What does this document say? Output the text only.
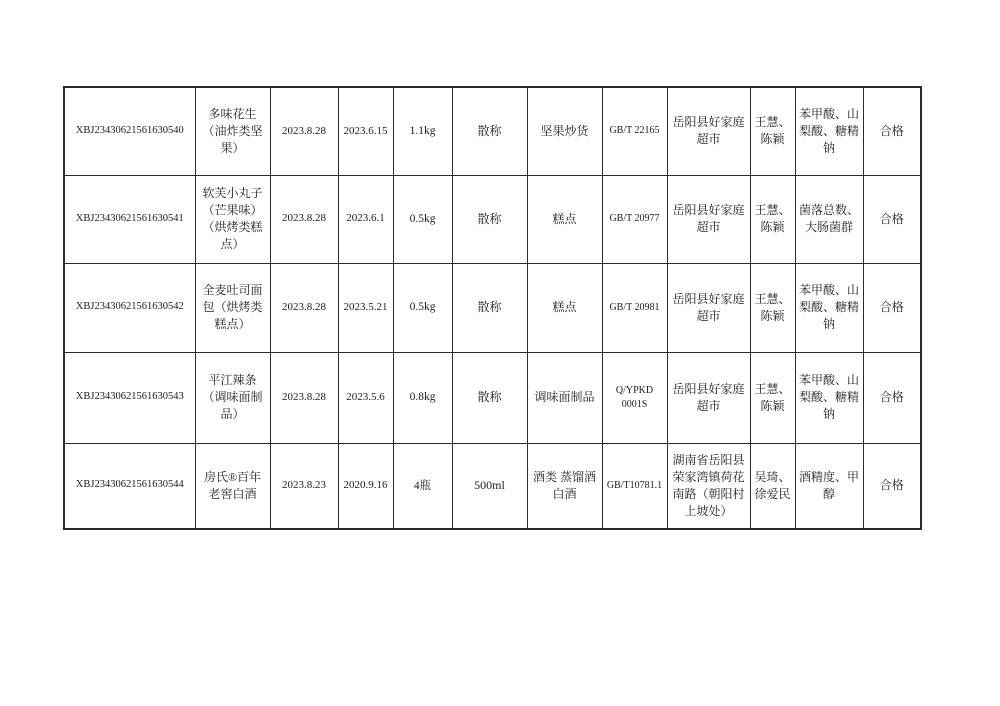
XBJ23430621561630540	多味花生（油炸类坚果）	2023.8.28	2023.6.15	1.1kg	散称	坚果炒货	GB/T 22165	岳阳县好家庭超市	王慧、陈颖	苯甲酸、山梨酸、糖精钠	合格
XBJ23430621561630541	软芙小丸子（芒果味）（烘烤类糕点）	2023.8.28	2023.6.1	0.5kg	散称	糕点	GB/T 20977	岳阳县好家庭超市	王慧、陈颖	菌落总数、大肠菌群	合格
XBJ23430621561630542	全麦吐司面包（烘烤类糕点）	2023.8.28	2023.5.21	0.5kg	散称	糕点	GB/T 20981	岳阳县好家庭超市	王慧、陈颖	苯甲酸、山梨酸、糖精钠	合格
XBJ23430621561630543	平江辣条（调味面制品）	2023.8.28	2023.5.6	0.8kg	散称	调味面制品	Q/YPKD 0001S	岳阳县好家庭超市	王慧、陈颖	苯甲酸、山梨酸、糖精钠	合格
XBJ23430621561630544	房氏®百年老窖白酒	2023.8.23	2020.9.16	4瓶	500ml	酒类 蒸馏酒 白酒	GB/T10781.1	湖南省岳阳县荣家湾镇荷花南路（朝阳村上坡处）	吴琦、徐爱民	酒精度、甲醇	合格
